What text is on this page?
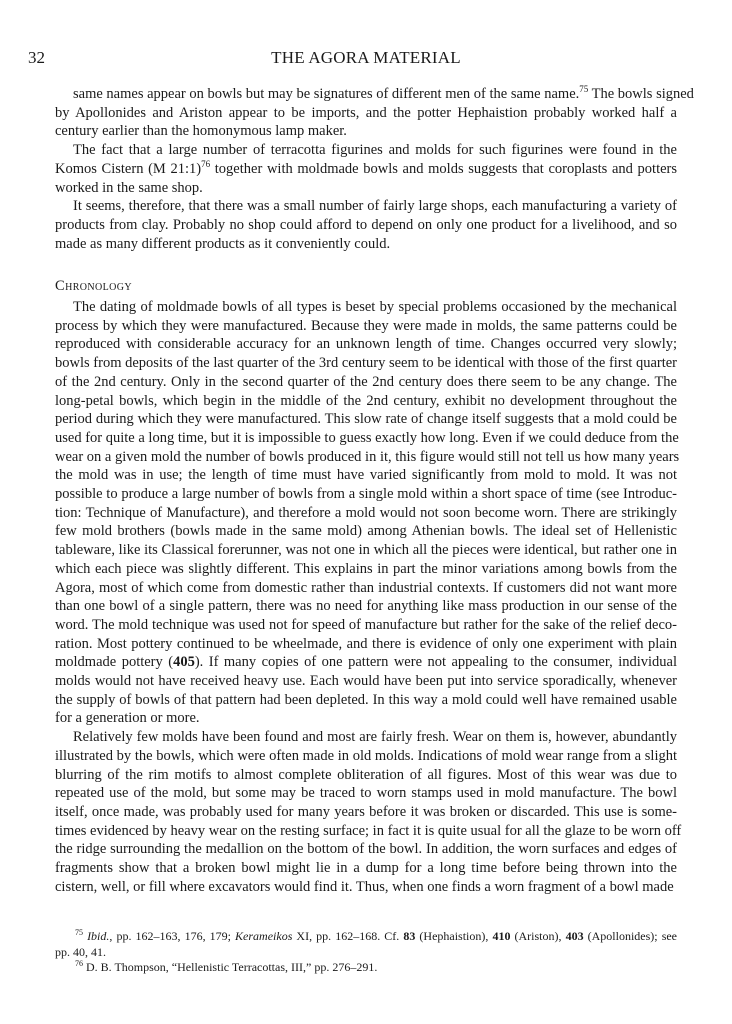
32	THE AGORA MATERIAL
same names appear on bowls but may be signatures of different men of the same name.$^{75}$ The bowls signed
by Apollonides and Ariston appear to be imports, and the potter Hephaistion probably worked half a
century earlier than the homonymous lamp maker.
The fact that a large number of terracotta figurines and molds for such figurines were found in the
Komos Cistern (M 21:1)$^{76}$ together with moldmade bowls and molds suggests that coroplasts and potters
worked in the same shop.
It seems, therefore, that there was a small number of fairly large shops, each manufacturing a variety of
products from clay. Probably no shop could afford to depend on only one product for a livelihood, and so
made as many different products as it conveniently could.
Chronology
The dating of moldmade bowls of all types is beset by special problems occasioned by the mechanical
process by which they were manufactured. Because they were made in molds, the same patterns could be
reproduced with considerable accuracy for an unknown length of time. Changes occurred very slowly;
bowls from deposits of the last quarter of the 3rd century seem to be identical with those of the first quarter
of the 2nd century. Only in the second quarter of the 2nd century does there seem to be any change. The
long-petal bowls, which begin in the middle of the 2nd century, exhibit no development throughout the
period during which they were manufactured. This slow rate of change itself suggests that a mold could be
used for quite a long time, but it is impossible to guess exactly how long. Even if we could deduce from the
wear on a given mold the number of bowls produced in it, this figure would still not tell us how many years
the mold was in use; the length of time must have varied significantly from mold to mold. It was not
possible to produce a large number of bowls from a single mold within a short space of time (see Introduc-
tion: Technique of Manufacture), and therefore a mold would not soon become worn. There are strikingly
few mold brothers (bowls made in the same mold) among Athenian bowls. The ideal set of Hellenistic
tableware, like its Classical forerunner, was not one in which all the pieces were identical, but rather one in
which each piece was slightly different. This explains in part the minor variations among bowls from the
Agora, most of which come from domestic rather than industrial contexts. If customers did not want more
than one bowl of a single pattern, there was no need for anything like mass production in our sense of the
word. The mold technique was used not for speed of manufacture but rather for the sake of the relief deco-
ration. Most pottery continued to be wheelmade, and there is evidence of only one experiment with plain
moldmade pottery (405). If many copies of one pattern were not appealing to the consumer, individual
molds would not have received heavy use. Each would have been put into service sporadically, whenever
the supply of bowls of that pattern had been depleted. In this way a mold could well have remained usable
for a generation or more.
Relatively few molds have been found and most are fairly fresh. Wear on them is, however, abundantly
illustrated by the bowls, which were often made in old molds. Indications of mold wear range from a slight
blurring of the rim motifs to almost complete obliteration of all figures. Most of this wear was due to
repeated use of the mold, but some may be traced to worn stamps used in mold manufacture. The bowl
itself, once made, was probably used for many years before it was broken or discarded. This use is some-
times evidenced by heavy wear on the resting surface; in fact it is quite usual for all the glaze to be worn off
the ridge surrounding the medallion on the bottom of the bowl. In addition, the worn surfaces and edges of
fragments show that a broken bowl might lie in a dump for a long time before being thrown into the
cistern, well, or fill where excavators would find it. Thus, when one finds a worn fragment of a bowl made
$^{75}$ Ibid., pp. 162–163, 176, 179; Kerameikos XI, pp. 162–168. Cf. 83 (Hephaistion), 410 (Ariston), 403 (Apollonides); see
pp. 40, 41.
$^{76}$ D. B. Thompson, “Hellenistic Terracottas, III,” pp. 276–291.
